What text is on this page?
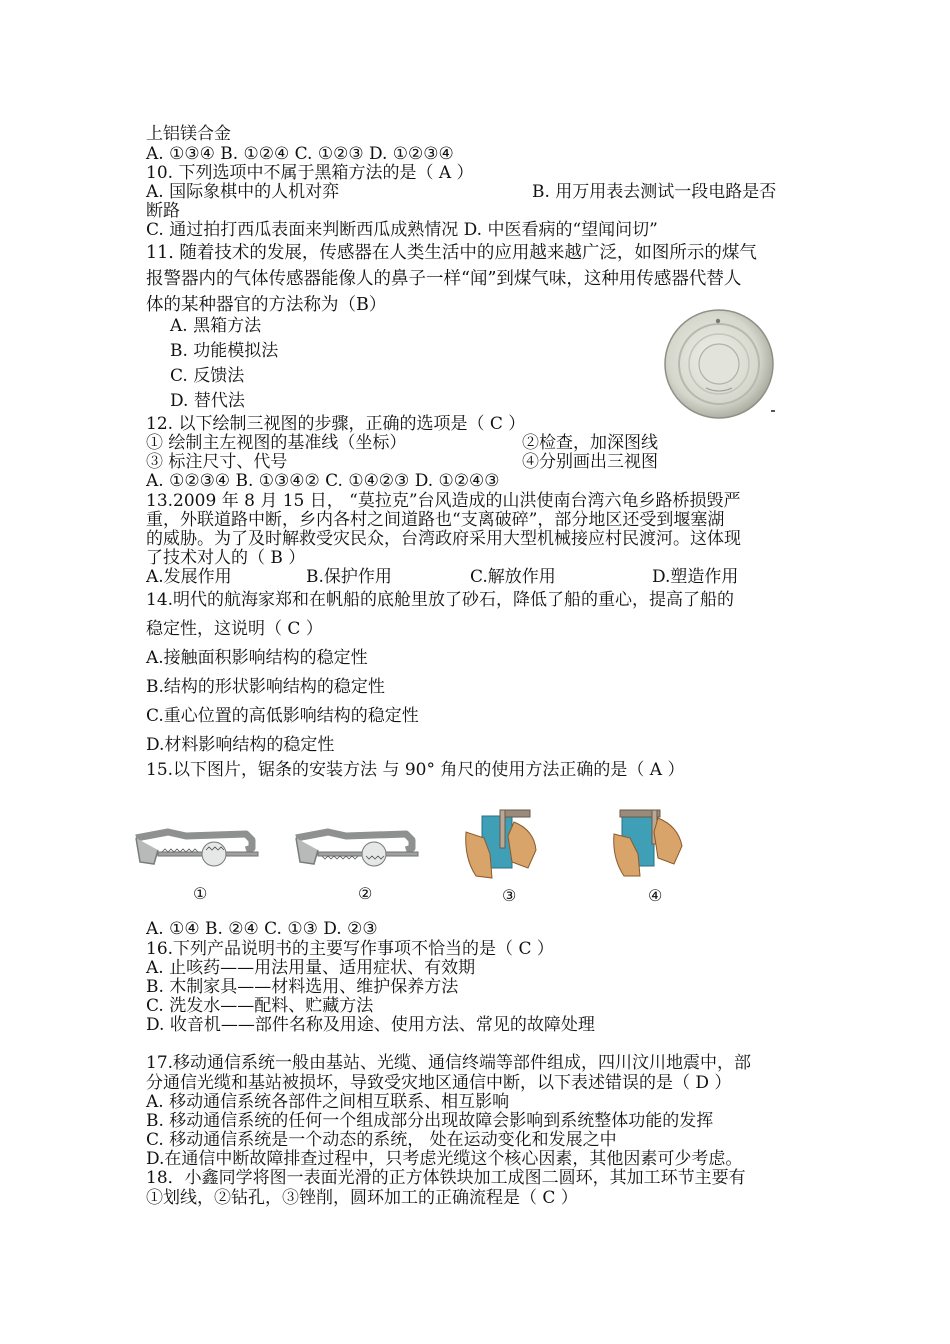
上铝镁合金
A. ①③④ B. ①②④ C. ①②③ D. ①②③④
10. 下列选项中不属于黑箱方法的是（ A ）
A. 国际象棋中的人机对弈	B. 用万用表去测试一段电路是否
断路
C. 通过拍打西瓜表面来判断西瓜成熟情况 D. 中医看病的“望闻问切”
11. 随着技术的发展，传感器在人类生活中的应用越来越广泛，如图所示的煤气
报警器内的气体传感器能像人的鼻子一样“闻”到煤气味，这种用传感器代替人
体的某种器官的方法称为（B）
A. 黑箱方法
B. 功能模拟法
C. 反馈法
D. 替代法
12. 以下绘制三视图的步骤，正确的选项是（ C ）
① 绘制主左视图的基准线（坐标）	②检查，加深图线
③ 标注尺寸、代号	④分别画出三视图
A. ①②③④ B. ①③④② C. ①④②③ D. ①②④③
13.2009 年 8 月 15 日， “莫拉克”台风造成的山洪使南台湾六龟乡路桥损毁严
重，外联道路中断，乡内各村之间道路也“支离破碎”，部分地区还受到堰塞湖
的威胁。为了及时解救受灾民众，台湾政府采用大型机械接应村民渡河。这体现
了技术对人的（ B ）
A.发展作用	B.保护作用	C.解放作用	D.塑造作用
14.明代的航海家郑和在帆船的底舱里放了砂石，降低了船的重心，提高了船的
稳定性，这说明（ C ）
A.接触面积影响结构的稳定性
B.结构的形状影响结构的稳定性
C.重心位置的高低影响结构的稳定性
D.材料影响结构的稳定性
15.以下图片，锯条的安装方法 与 90° 角尺的使用方法正确的是（ A ）
①	②	③	④
A. ①④ B. ②④ C. ①③ D. ②③
16.下列产品说明书的主要写作事项不恰当的是（ C ）
A. 止咳药——用法用量、适用症状、有效期
B. 木制家具——材料选用、维护保养方法
C. 洗发水——配料、贮藏方法
D. 收音机——部件名称及用途、使用方法、常见的故障处理
17.移动通信系统一般由基站、光缆、通信终端等部件组成，四川汶川地震中，部
分通信光缆和基站被损坏，导致受灾地区通信中断，以下表述错误的是（ D ）
A. 移动通信系统各部件之间相互联系、相互影响
B. 移动通信系统的任何一个组成部分出现故障会影响到系统整体功能的发挥
C. 移动通信系统是一个动态的系统， 处在运动变化和发展之中
D.在通信中断故障排查过程中，只考虑光缆这个核心因素，其他因素可少考虑。
18．小鑫同学将图一表面光滑的正方体铁块加工成图二圆环，其加工环节主要有
①划线，②钻孔，③锉削，圆环加工的正确流程是（ C ）
